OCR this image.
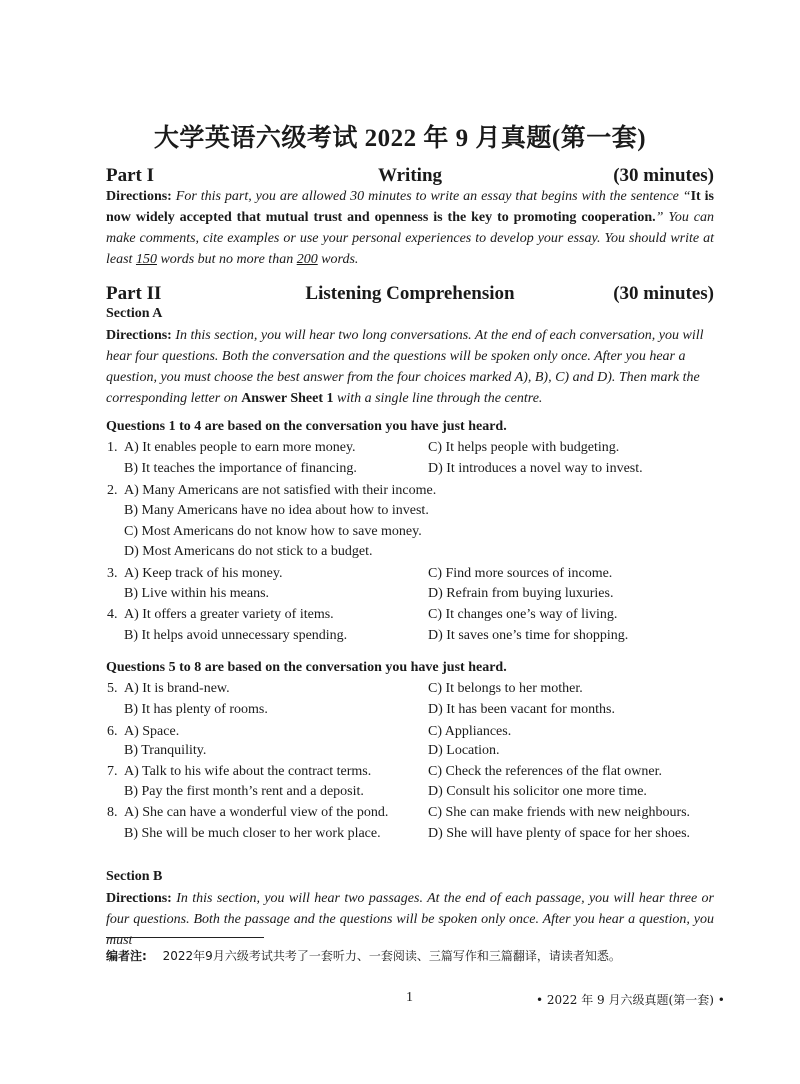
大学英语六级考试 2022 年 9 月真题(第一套)
Part I	Writing	(30 minutes)
Directions: For this part, you are allowed 30 minutes to write an essay that begins with the sentence “It is now widely accepted that mutual trust and openness is the key to promoting cooperation.” You can make comments, cite examples or use your personal experiences to develop your essay. You should write at least 150 words but no more than 200 words.
Part II	Listening Comprehension	(30 minutes)
Section A
Directions: In this section, you will hear two long conversations. At the end of each conversation, you will hear four questions. Both the conversation and the questions will be spoken only once. After you hear a question, you must choose the best answer from the four choices marked A), B), C) and D). Then mark the corresponding letter on Answer Sheet 1 with a single line through the centre.
Questions 1 to 4 are based on the conversation you have just heard.
1. A) It enables people to earn more money.	C) It helps people with budgeting.
B) It teaches the importance of financing.	D) It introduces a novel way to invest.
2. A) Many Americans are not satisfied with their income.
B) Many Americans have no idea about how to invest.
C) Most Americans do not know how to save money.
D) Most Americans do not stick to a budget.
3. A) Keep track of his money.	C) Find more sources of income.
B) Live within his means.	D) Refrain from buying luxuries.
4. A) It offers a greater variety of items.	C) It changes one’s way of living.
B) It helps avoid unnecessary spending.	D) It saves one’s time for shopping.
Questions 5 to 8 are based on the conversation you have just heard.
5. A) It is brand-new.	C) It belongs to her mother.
B) It has plenty of rooms.	D) It has been vacant for months.
6. A) Space.	C) Appliances.
B) Tranquility.	D) Location.
7. A) Talk to his wife about the contract terms.	C) Check the references of the flat owner.
B) Pay the first month’s rent and a deposit.	D) Consult his solicitor one more time.
8. A) She can have a wonderful view of the pond.	C) She can make friends with new neighbours.
B) She will be much closer to her work place.	D) She will have plenty of space for her shoes.
Section B
Directions: In this section, you will hear two passages. At the end of each passage, you will hear three or four questions. Both the passage and the questions will be spoken only once. After you hear a question, you must
编者注: 2022年9月六级考试共考了一套听力、一套阅读、三篇写作和三篇翻译，请读者知悉。
1	• 2022 年 9 月六级真题(第一套) •
